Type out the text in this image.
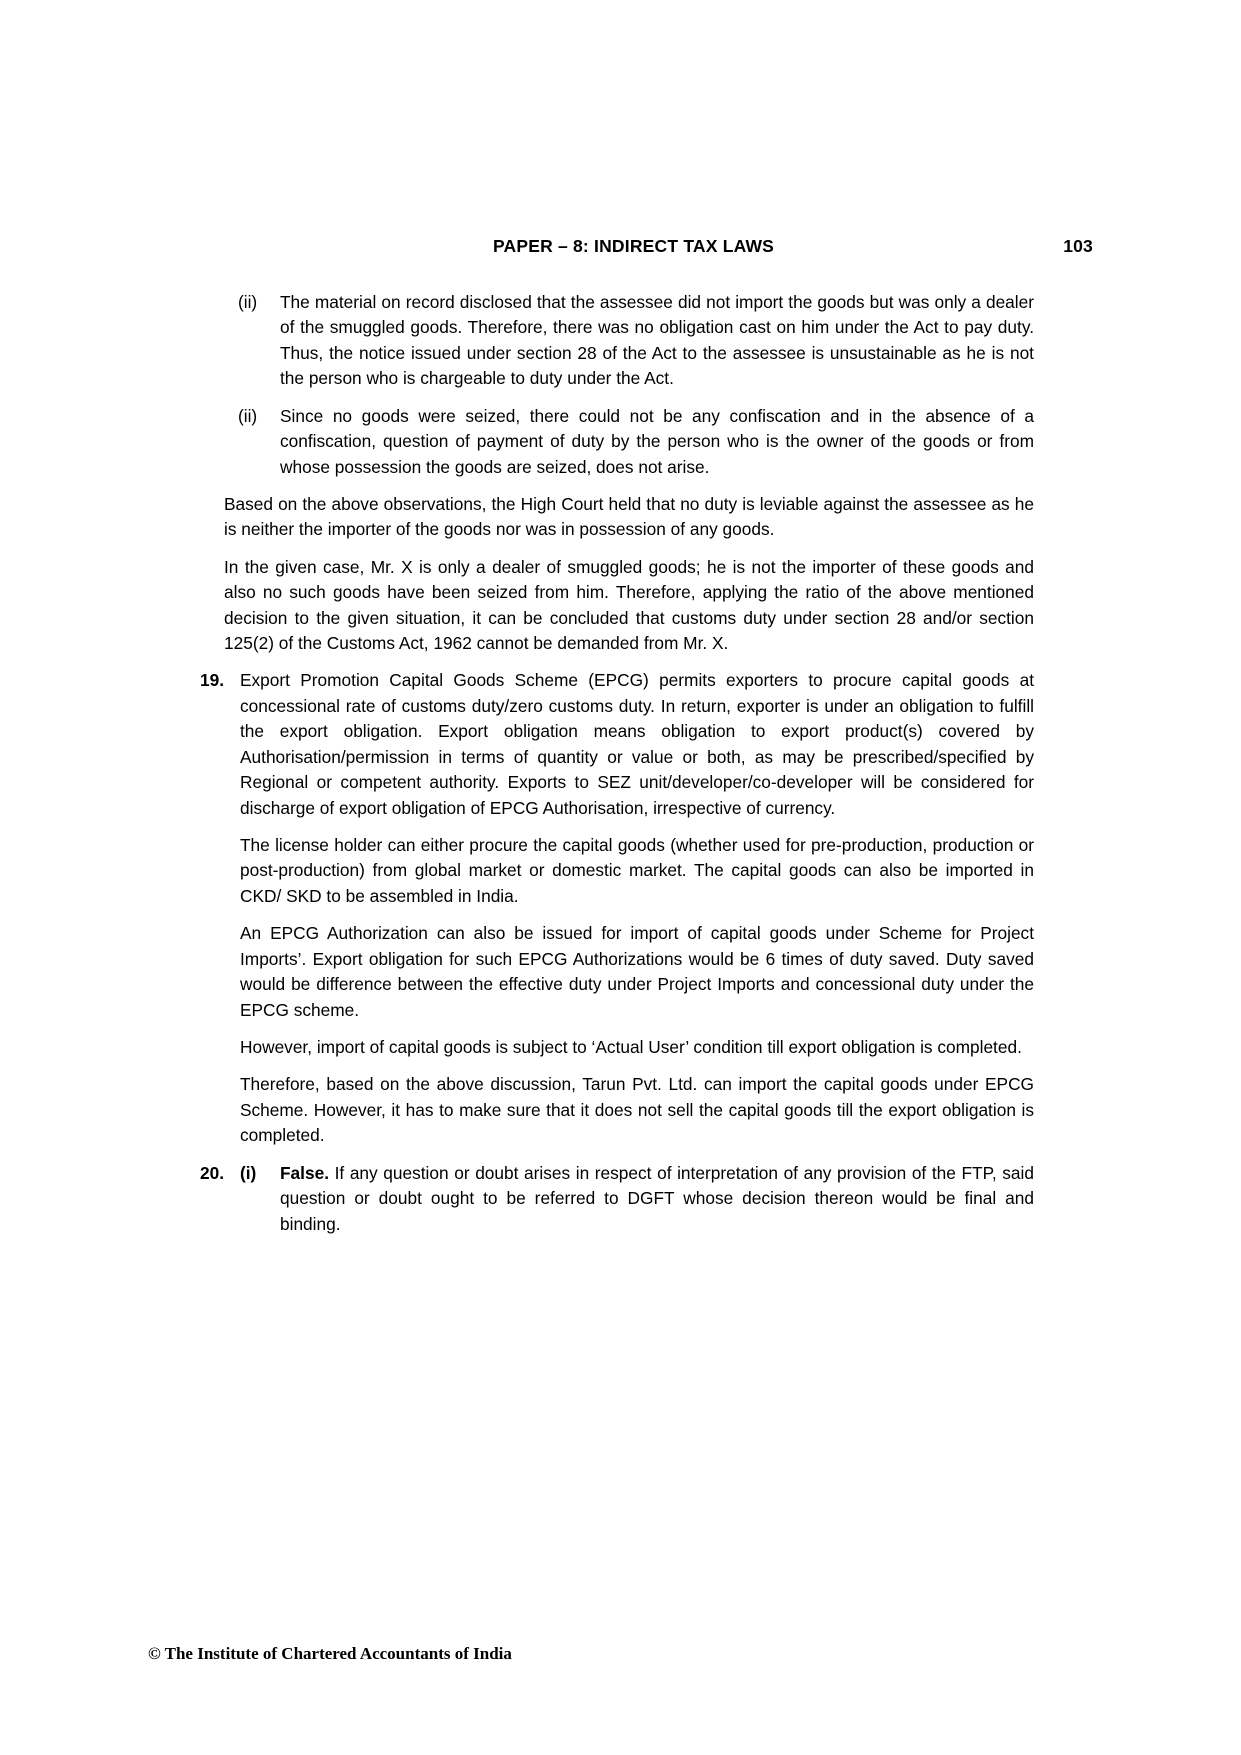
PAPER – 8: INDIRECT TAX LAWS	103
(ii)	The material on record disclosed that the assessee did not import the goods but was only a dealer of the smuggled goods. Therefore, there was no obligation cast on him under the Act to pay duty. Thus, the notice issued under section 28 of the Act to the assessee is unsustainable as he is not the person who is chargeable to duty under the Act.
(ii)	Since no goods were seized, there could not be any confiscation and in the absence of a confiscation, question of payment of duty by the person who is the owner of the goods or from whose possession the goods are seized, does not arise.

Based on the above observations, the High Court held that no duty is leviable against the assessee as he is neither the importer of the goods nor was in possession of any goods.

In the given case, Mr. X is only a dealer of smuggled goods; he is not the importer of these goods and also no such goods have been seized from him. Therefore, applying the ratio of the above mentioned decision to the given situation, it can be concluded that customs duty under section 28 and/or section 125(2) of the Customs Act, 1962 cannot be demanded from Mr. X.

19. Export Promotion Capital Goods Scheme (EPCG) permits exporters to procure capital goods at concessional rate of customs duty/zero customs duty. In return, exporter is under an obligation to fulfill the export obligation. Export obligation means obligation to export product(s) covered by Authorisation/permission in terms of quantity or value or both, as may be prescribed/specified by Regional or competent authority. Exports to SEZ unit/developer/co-developer will be considered for discharge of export obligation of EPCG Authorisation, irrespective of currency.

The license holder can either procure the capital goods (whether used for pre-production, production or post-production) from global market or domestic market. The capital goods can also be imported in CKD/ SKD to be assembled in India.

An EPCG Authorization can also be issued for import of capital goods under Scheme for Project Imports’. Export obligation for such EPCG Authorizations would be 6 times of duty saved. Duty saved would be difference between the effective duty under Project Imports and concessional duty under the EPCG scheme.

However, import of capital goods is subject to ‘Actual User’ condition till export obligation is completed.

Therefore, based on the above discussion, Tarun Pvt. Ltd. can import the capital goods under EPCG Scheme. However, it has to make sure that it does not sell the capital goods till the export obligation is completed.

20. (i)	False. If any question or doubt arises in respect of interpretation of any provision of the FTP, said question or doubt ought to be referred to DGFT whose decision thereon would be final and binding.
© The Institute of Chartered Accountants of India
